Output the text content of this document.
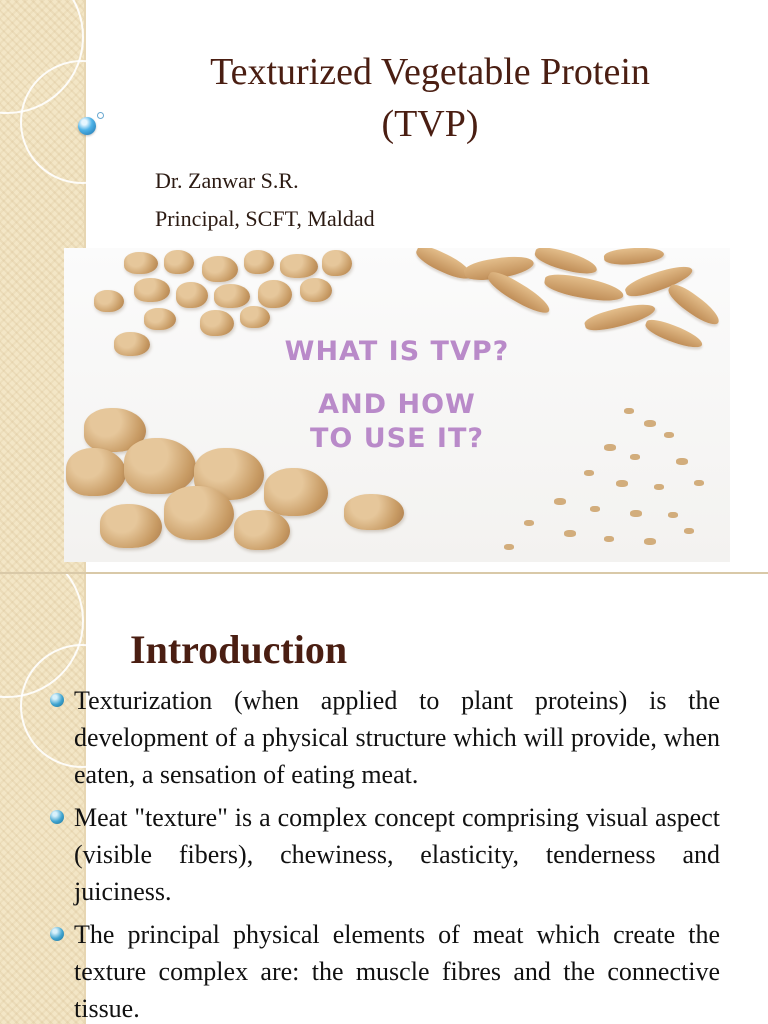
Texturized Vegetable Protein
(TVP)

Dr. Zanwar S.R.

Principal, SCFT, Maldad

WHAT IS TVP?

AND HOW
TO USE IT?

Introduction
Texturization (when applied to plant proteins) is the development of a physical structure which will provide, when eaten, a sensation of eating meat.
Meat "texture" is a complex concept comprising visual aspect (visible fibers), chewiness, elasticity, tenderness and juiciness.
The principal physical elements of meat which create the texture complex are: the muscle fibres and the connective tissue.
